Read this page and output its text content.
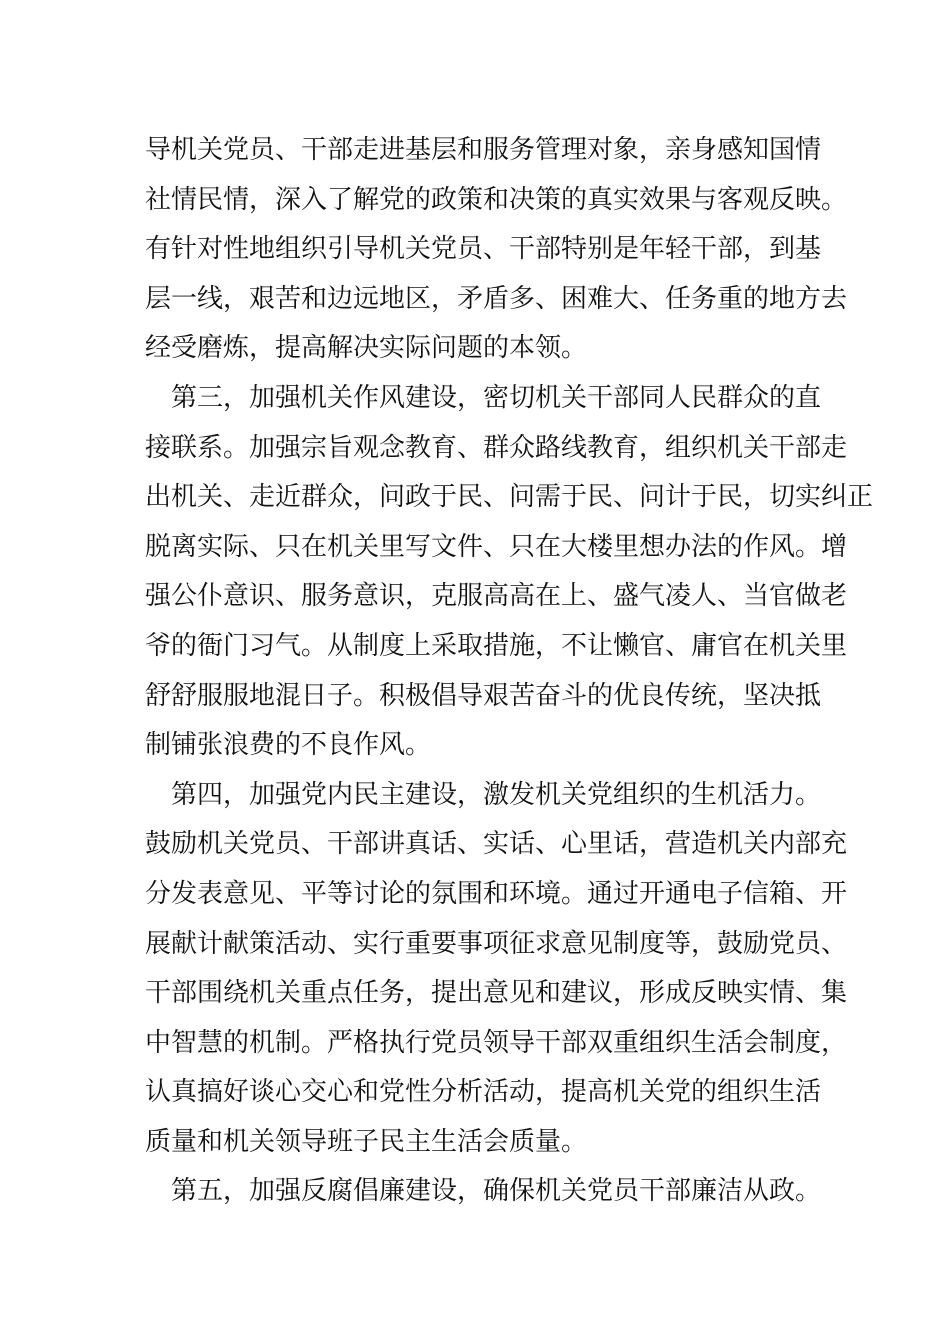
导机关党员、干部走进基层和服务管理对象，亲身感知国情
社情民情，深入了解党的政策和决策的真实效果与客观反映。
有针对性地组织引导机关党员、干部特别是年轻干部，到基
层一线，艰苦和边远地区，矛盾多、困难大、任务重的地方去
经受磨炼，提高解决实际问题的本领。
　第三，加强机关作风建设，密切机关干部同人民群众的直
接联系。加强宗旨观念教育、群众路线教育，组织机关干部走
出机关、走近群众，问政于民、问需于民、问计于民，切实纠正
脱离实际、只在机关里写文件、只在大楼里想办法的作风。增
强公仆意识、服务意识，克服高高在上、盛气凌人、当官做老
爷的衙门习气。从制度上采取措施，不让懒官、庸官在机关里
舒舒服服地混日子。积极倡导艰苦奋斗的优良传统，坚决抵
制铺张浪费的不良作风。
　第四，加强党内民主建设，激发机关党组织的生机活力。
鼓励机关党员、干部讲真话、实话、心里话，营造机关内部充
分发表意见、平等讨论的氛围和环境。通过开通电子信箱、开
展献计献策活动、实行重要事项征求意见制度等，鼓励党员、
干部围绕机关重点任务，提出意见和建议，形成反映实情、集
中智慧的机制。严格执行党员领导干部双重组织生活会制度，
认真搞好谈心交心和党性分析活动，提高机关党的组织生活
质量和机关领导班子民主生活会质量。
　第五，加强反腐倡廉建设，确保机关党员干部廉洁从政。
